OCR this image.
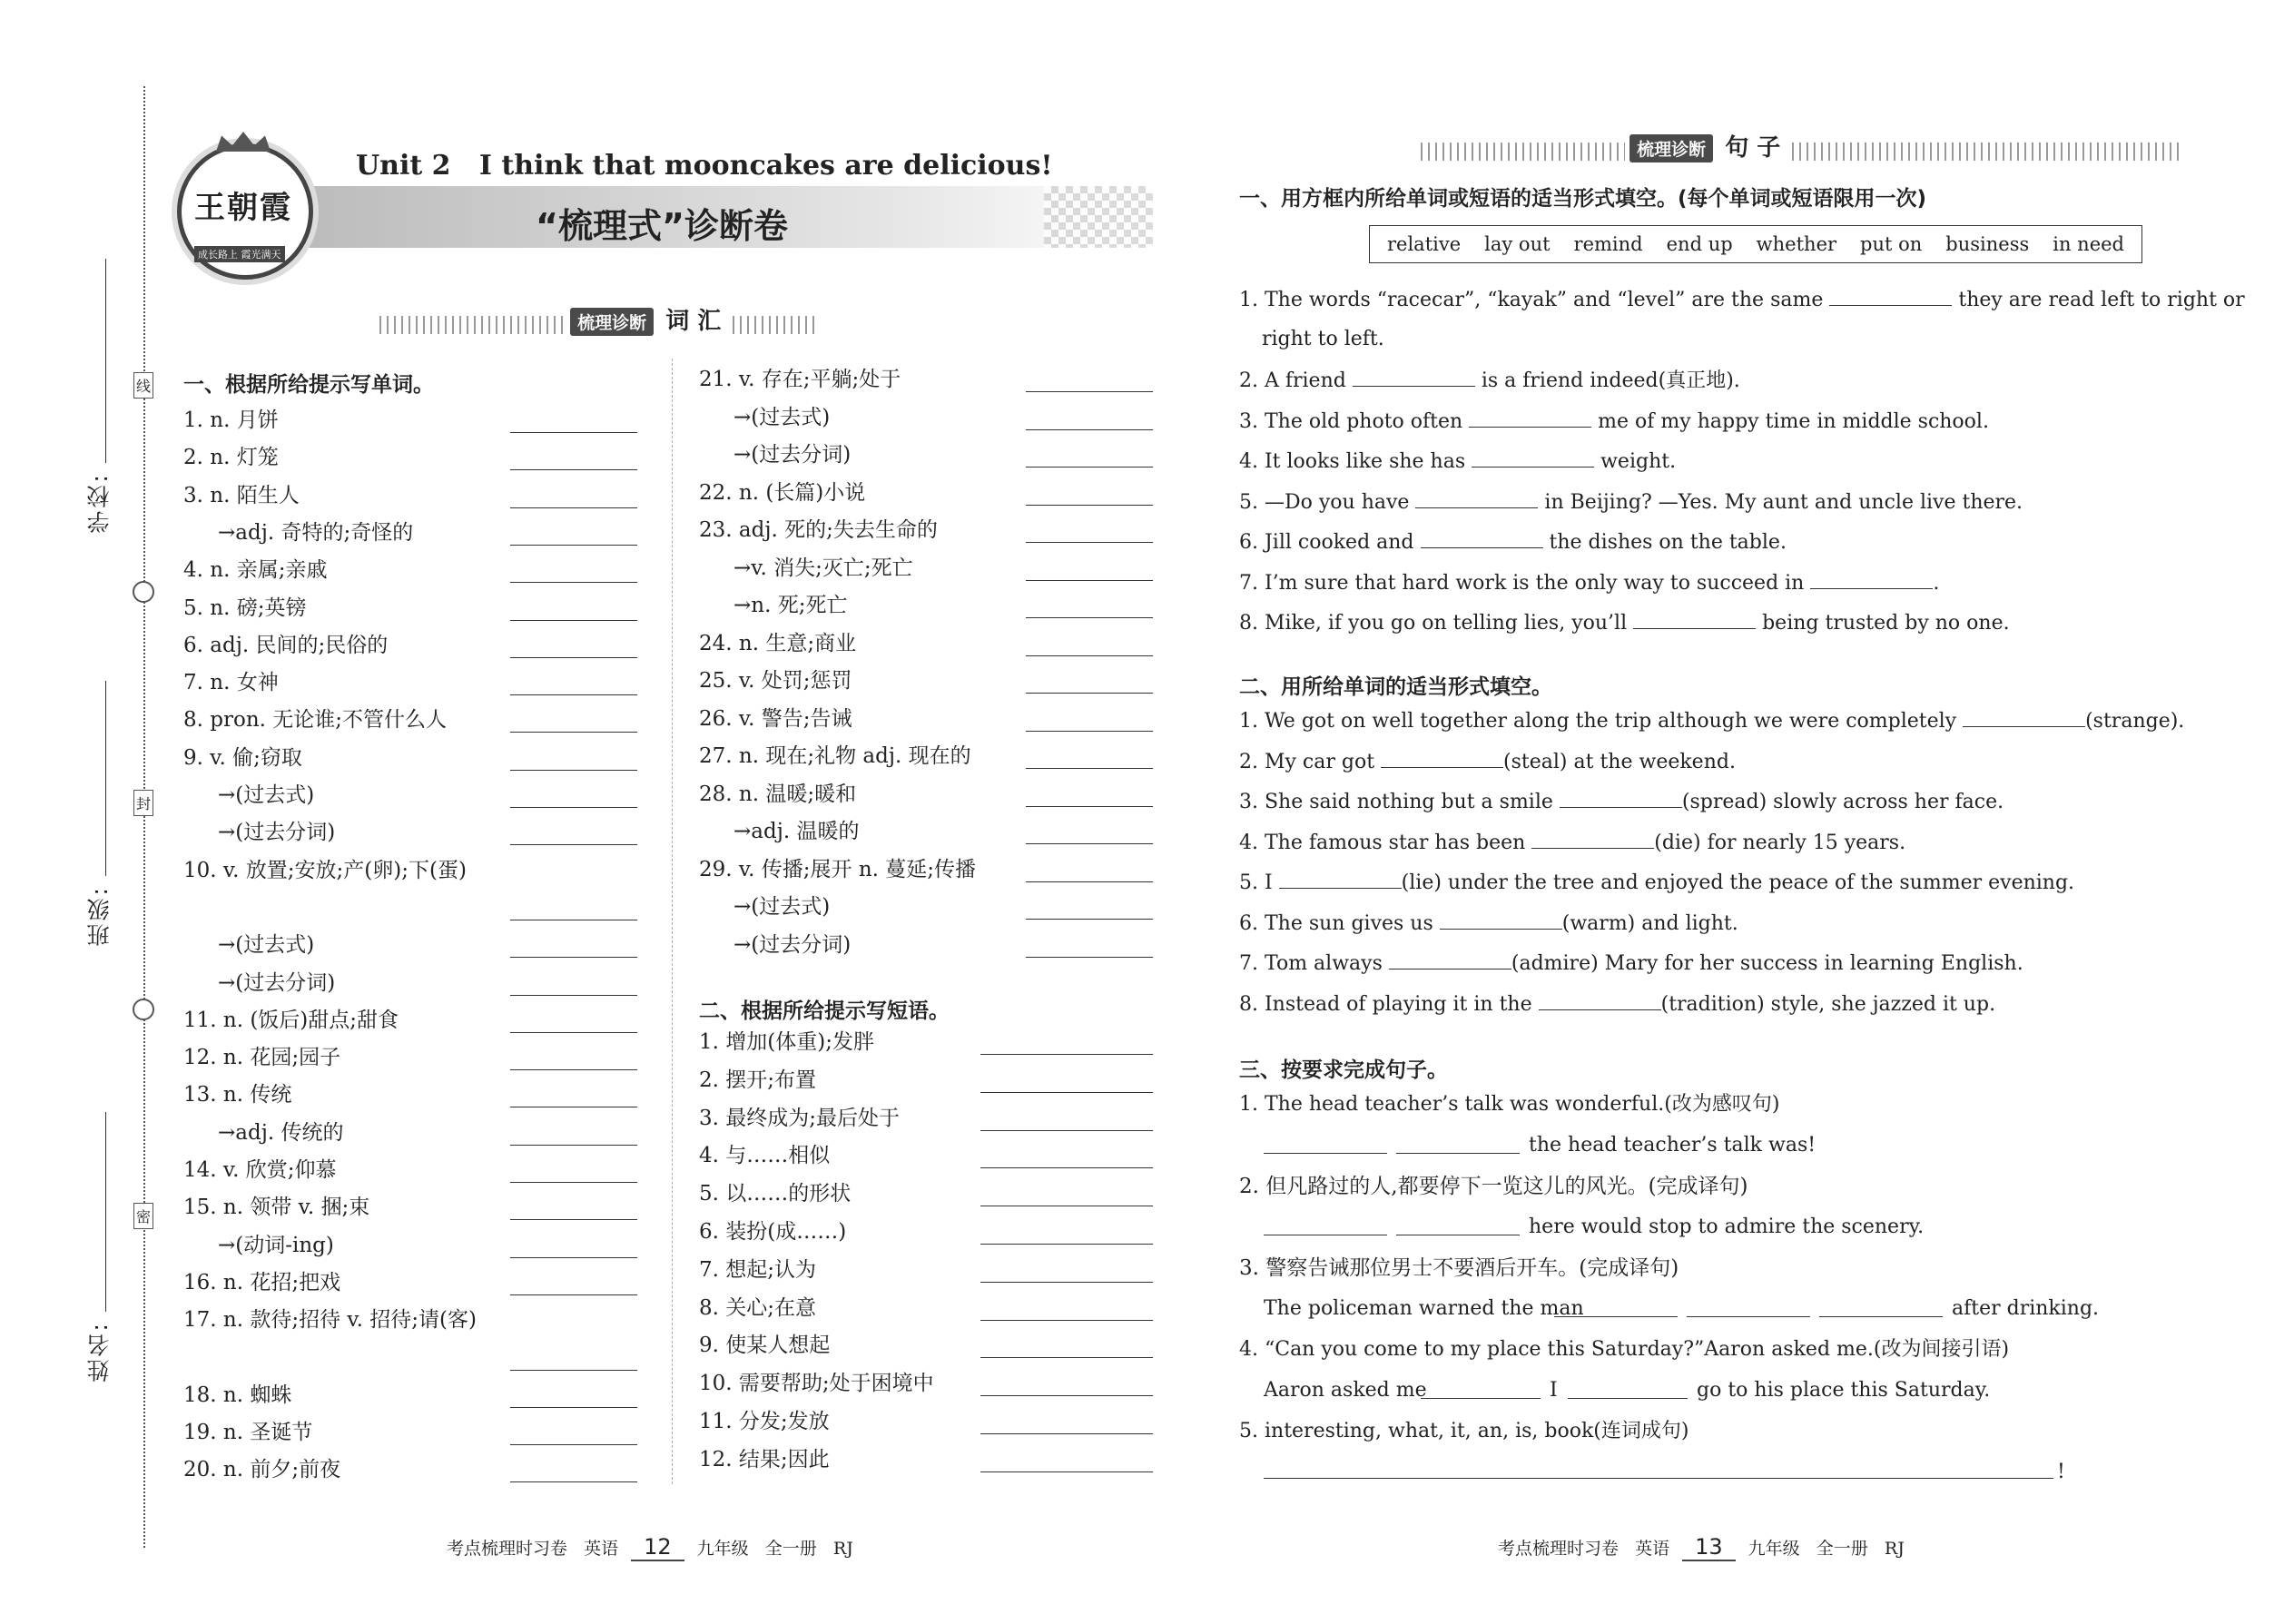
线
封
密
学校:
班级:
姓名:
王朝霞
成长路上 霞光满天
Unit 2   I think that mooncakes are delicious!
“梳理式”诊断卷
梳理诊断 词 汇
一、根据所给提示写单词。
1. n. 月饼
2. n. 灯笼
3. n. 陌生人
→adj. 奇特的;奇怪的
4. n. 亲属;亲戚
5. n. 磅;英镑
6. adj. 民间的;民俗的
7. n. 女神
8. pron. 无论谁;不管什么人
9. v. 偷;窃取
→(过去式)
→(过去分词)
10. v. 放置;安放;产(卵);下(蛋)
→(过去式)
→(过去分词)
11. n. (饭后)甜点;甜食
12. n. 花园;园子
13. n. 传统
→adj. 传统的
14. v. 欣赏;仰慕
15. n. 领带 v. 捆;束
→(动词-ing)
16. n. 花招;把戏
17. n. 款待;招待 v. 招待;请(客)
18. n. 蜘蛛
19. n. 圣诞节
20. n. 前夕;前夜
21. v. 存在;平躺;处于
→(过去式)
→(过去分词)
22. n. (长篇)小说
23. adj. 死的;失去生命的
→v. 消失;灭亡;死亡
→n. 死;死亡
24. n. 生意;商业
25. v. 处罚;惩罚
26. v. 警告;告诫
27. n. 现在;礼物 adj. 现在的
28. n. 温暖;暖和
→adj. 温暖的
29. v. 传播;展开 n. 蔓延;传播
→(过去式)
→(过去分词)
二、根据所给提示写短语。
1. 增加(体重);发胖
2. 摆开;布置
3. 最终成为;最后处于
4. 与……相似
5. 以……的形状
6. 装扮(成……)
7. 想起;认为
8. 关心;在意
9. 使某人想起
10. 需要帮助;处于困境中
11. 分发;发放
12. 结果;因此
梳理诊断 句 子
一、用方框内所给单词或短语的适当形式填空。(每个单词或短语限用一次)
relative lay out remind end up whether put on business in need
1. The words “racecar”, “kayak” and “level” are the same	they are read left to right or
right to left.
2. A friend	is a friend indeed(真正地).
3. The old photo often	me of my happy time in middle school.
4. It looks like she has	weight.
5. —Do you have	in Beijing? —Yes. My aunt and uncle live there.
6. Jill cooked and	the dishes on the table.
7. I’m sure that hard work is the only way to succeed in	.
8. Mike, if you go on telling lies, you’ll	being trusted by no one.
二、用所给单词的适当形式填空。
1. We got on well together along the trip although we were completely	(strange).
2. My car got	(steal) at the weekend.
3. She said nothing but a smile	(spread) slowly across her face.
4. The famous star has been	(die) for nearly 15 years.
5. I	(lie) under the tree and enjoyed the peace of the summer evening.
6. The sun gives us	(warm) and light.
7. Tom always	(admire) Mary for her success in learning English.
8. Instead of playing it in the	(tradition) style, she jazzed it up.
三、按要求完成句子。
1. The head teacher’s talk was wonderful.(改为感叹句)
the head teacher’s talk was!
2. 但凡路过的人,都要停下一览这儿的风光。(完成译句)
here would stop to admire the scenery.
3. 警察告诫那位男士不要酒后开车。(完成译句)
The policeman warned the man	after drinking.
4. “Can you come to my place this Saturday?”Aaron asked me.(改为间接引语)
Aaron asked me	I	go to his place this Saturday.
5. interesting, what, it, an, is, book(连词成句)
!
考点梳理时习卷   英语 12 九年级   全一册   RJ	考点梳理时习卷   英语 13 九年级   全一册   RJ
